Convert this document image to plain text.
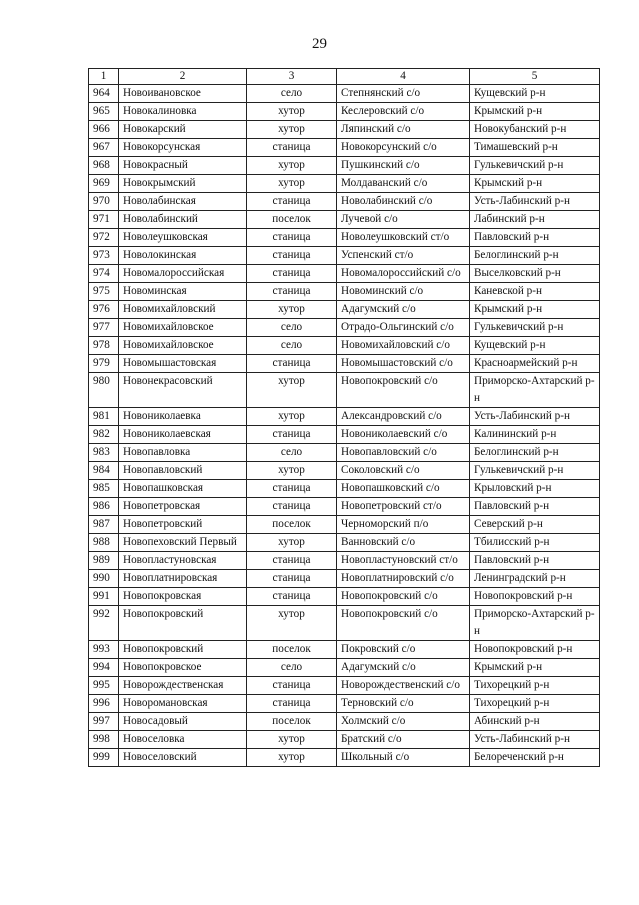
29
1	2	3	4	5
964	Новоивановское	село	Степнянский с/о	Кущевский р-н
965	Новокалиновка	хутор	Кеслеровский с/о	Крымский р-н
966	Новокарский	хутор	Ляпинский с/о	Новокубанский р-н
967	Новокорсунская	станица	Новокорсунский с/о	Тимашевский р-н
968	Новокрасный	хутор	Пушкинский с/о	Гулькевичский р-н
969	Новокрымский	хутор	Молдаванский с/о	Крымский р-н
970	Новолабинская	станица	Новолабинский с/о	Усть-Лабинский р-н
971	Новолабинский	поселок	Лучевой с/о	Лабинский р-н
972	Новолеушковская	станица	Новолеушковский ст/о	Павловский р-н
973	Новолокинская	станица	Успенский ст/о	Белоглинский р-н
974	Новомалороссийская	станица	Новомалороссийский с/о	Выселковский р-н
975	Новоминская	станица	Новоминский с/о	Каневской р-н
976	Новомихайловский	хутор	Адагумский с/о	Крымский р-н
977	Новомихайловское	село	Отрадо-Ольгинский с/о	Гулькевичский р-н
978	Новомихайловское	село	Новомихайловский с/о	Кущевский р-н
979	Новомышастовская	станица	Новомышастовский с/о	Красноармейский р-н
980	Новонекрасовский	хутор	Новопокровский с/о	Приморско-Ахтарский р-н
981	Новониколаевка	хутор	Александровский с/о	Усть-Лабинский р-н
982	Новониколаевская	станица	Новониколаевский с/о	Калининский р-н
983	Новопавловка	село	Новопавловский с/о	Белоглинский р-н
984	Новопавловский	хутор	Соколовский с/о	Гулькевичский р-н
985	Новопашковская	станица	Новопашковский с/о	Крыловский р-н
986	Новопетровская	станица	Новопетровский ст/о	Павловский р-н
987	Новопетровский	поселок	Черноморский п/о	Северский р-н
988	Новопеховский Первый	хутор	Ванновский с/о	Тбилисский р-н
989	Новопластуновская	станица	Новопластуновский ст/о	Павловский р-н
990	Новоплатнировская	станица	Новоплатнировский с/о	Ленинградский р-н
991	Новопокровская	станица	Новопокровский с/о	Новопокровский р-н
992	Новопокровский	хутор	Новопокровский с/о	Приморско-Ахтарский р-н
993	Новопокровский	поселок	Покровский с/о	Новопокровский р-н
994	Новопокровское	село	Адагумский с/о	Крымский р-н
995	Новорождественская	станица	Новорождественский с/о	Тихорецкий р-н
996	Новоромановская	станица	Терновский с/о	Тихорецкий р-н
997	Новосадовый	поселок	Холмский с/о	Абинский р-н
998	Новоселовка	хутор	Братский с/о	Усть-Лабинский р-н
999	Новоселовский	хутор	Школьный с/о	Белореченский р-н
